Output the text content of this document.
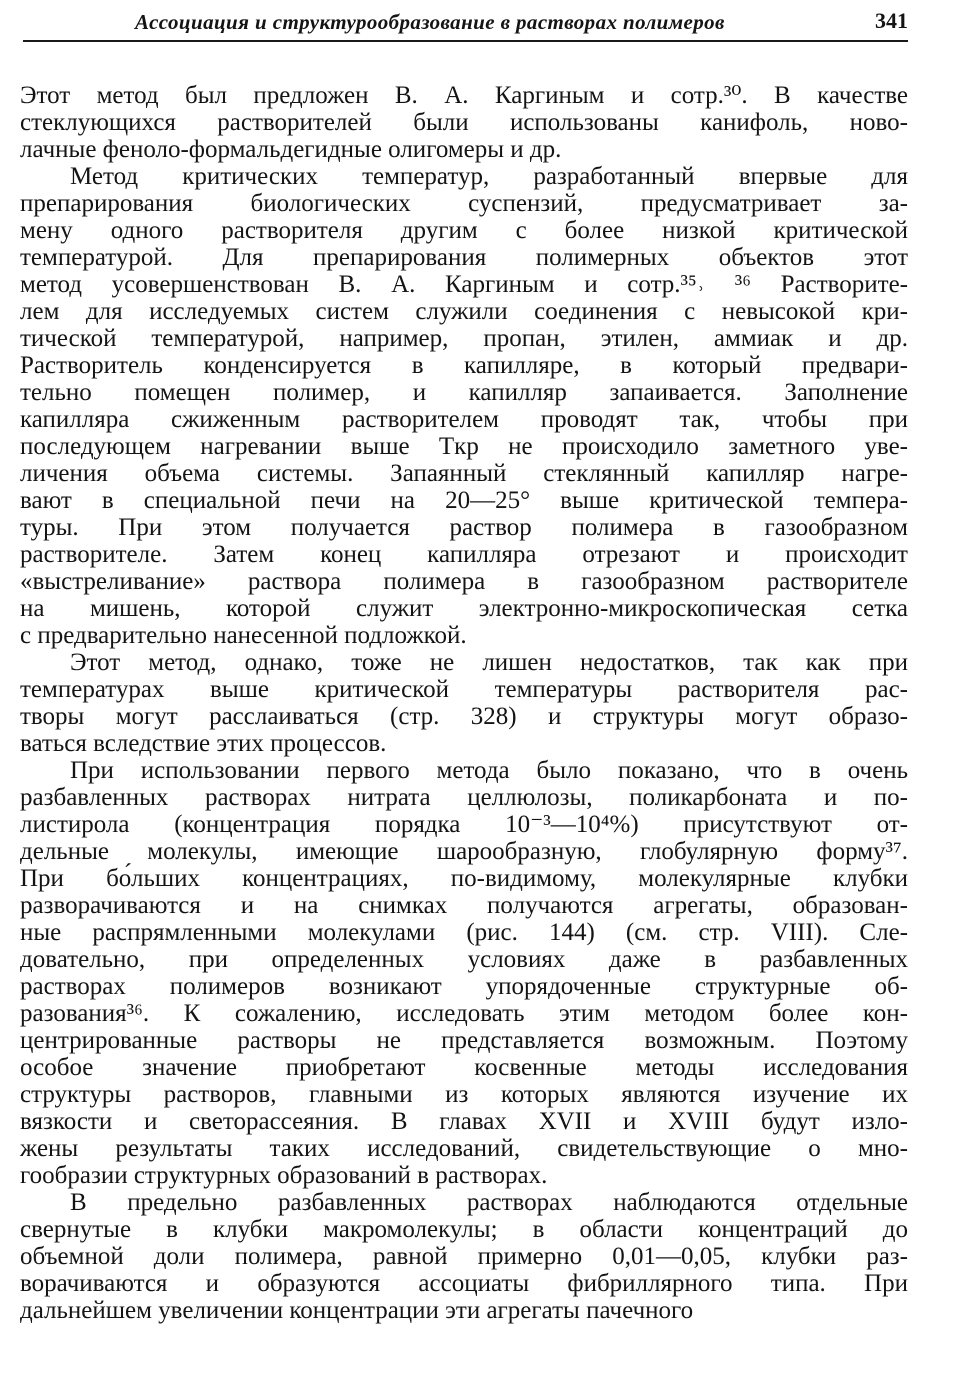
Ассоциация и структурообразование в растворах полимеров	341
Этот метод был предложен В. А. Каргиным и сотр.³⁰. В качестве
стеклующихся растворителей были использованы канифоль, ново-
лачные феноло-формальдегидные олигомеры и др.
Метод критических температур, разработанный впервые для
препарирования биологических суспензий, предусматривает за-
мену одного растворителя другим с более низкой критической
температурой. Для препарирования полимерных объектов этот
метод усовершенствован В. А. Каргиным и сотр.³⁵˒ ³⁶ Растворите-
лем для исследуемых систем служили соединения с невысокой кри-
тической температурой, например, пропан, этилен, аммиак и др.
Растворитель конденсируется в капилляре, в который предвари-
тельно помещен полимер, и капилляр запаивается. Заполнение
капилляра сжиженным растворителем проводят так, чтобы при
последующем нагревании выше Tкр не происходило заметного уве-
личения объема системы. Запаянный стеклянный капилляр нагре-
вают в специальной печи на 20—25° выше критической темпера-
туры. При этом получается раствор полимера в газообразном
растворителе. Затем конец капилляра отрезают и происходит
«выстреливание» раствора полимера в газообразном растворителе
на мишень, которой служит электронно-микроскопическая сетка
с предварительно нанесенной подложкой.
Этот метод, однако, тоже не лишен недостатков, так как при
температурах выше критической температуры растворителя рас-
творы могут расслаиваться (стр. 328) и структуры могут образо-
ваться вследствие этих процессов.
При использовании первого метода было показано, что в очень
разбавленных растворах нитрата целлюлозы, поликарбоната и по-
листирола (концентрация порядка 10⁻³—10⁴%) присутствуют от-
дельные молекулы, имеющие шарообразную, глобулярную форму³⁷.
При бо́льших концентрациях, по-видимому, молекулярные клубки
разворачиваются и на снимках получаются агрегаты, образован-
ные распрямленными молекулами (рис. 144) (см. стр. VIII). Сле-
довательно, при определенных условиях даже в разбавленных
растворах полимеров возникают упорядоченные структурные об-
разования³⁶. К сожалению, исследовать этим методом более кон-
центрированные растворы не представляется возможным. Поэтому
особое значение приобретают косвенные методы исследования
структуры растворов, главными из которых являются изучение их
вязкости и светорассеяния. В главах XVII и XVIII будут изло-
жены результаты таких исследований, свидетельствующие о мно-
гообразии структурных образований в растворах.
В предельно разбавленных растворах наблюдаются отдельные
свернутые в клубки макромолекулы; в области концентраций до
объемной доли полимера, равной примерно 0,01—0,05, клубки раз-
ворачиваются и образуются ассоциаты фибриллярного типа. При
дальнейшем увеличении концентрации эти агрегаты пачечного
